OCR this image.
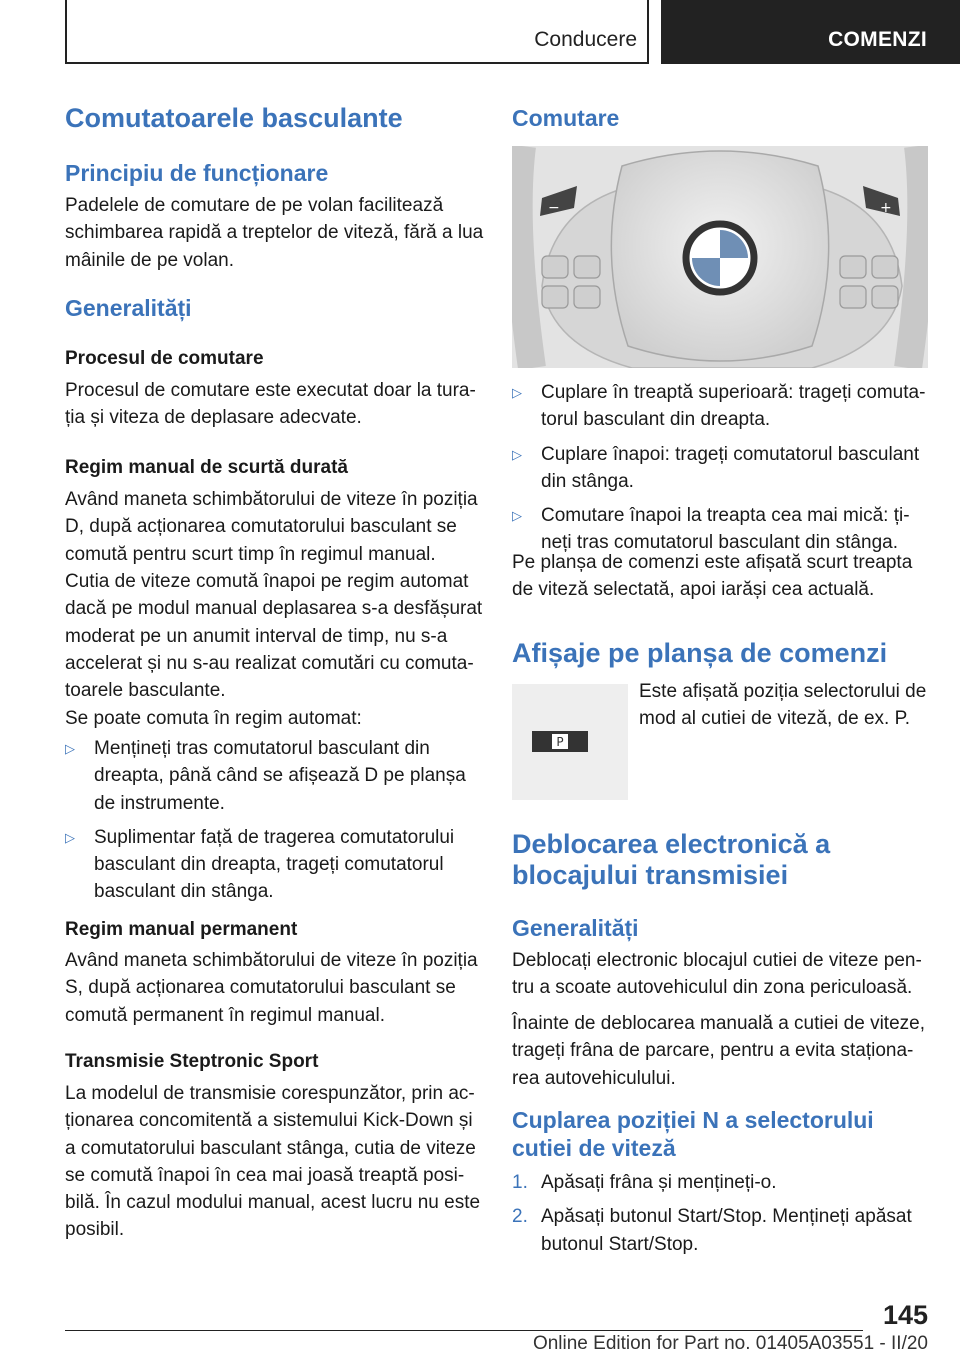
Conducere	COMENZI
Comutatoarele basculante
Principiu de funcționare
Padelele de comutare de pe volan facilitează schimbarea rapidă a treptelor de viteză, fără a lua mâinile de pe volan.
Generalități
Procesul de comutare
Procesul de comutare este executat doar la tura-ția și viteza de deplasare adecvate.
Regim manual de scurtă durată
Având maneta schimbătorului de viteze în poziția D, după acționarea comutatorului basculant se comută pentru scurt timp în regimul manual.
Cutia de viteze comută înapoi pe regim automat dacă pe modul manual deplasarea s-a desfășurat moderat pe un anumit interval de timp, nu s-a accelerat și nu s-au realizat comutări cu comuta-toarele basculante.
Se poate comuta în regim automat:
▷ Mențineți tras comutatorul basculant din dreapta, până când se afișează D pe planșa de instrumente.
▷ Suplimentar față de tragerea comutatorului basculant din dreapta, trageți comutatorul basculant din stânga.
Regim manual permanent
Având maneta schimbătorului de viteze în poziția S, după acționarea comutatorului basculant se comută permanent în regimul manual.
Transmisie Steptronic Sport
La modelul de transmisie corespunzător, prin ac-ționarea concomitentă a sistemului Kick-Down și a comutatorului basculant stânga, cutia de viteze se comută înapoi în cea mai joasă treaptă posi-bilă. În cazul modului manual, acest lucru nu este posibil.
Comutare
−	+
▷ Cuplare în treaptă superioară: trageți comuta-torul basculant din dreapta.
▷ Cuplare înapoi: trageți comutatorul basculant din stânga.
▷ Comutare înapoi la treapta cea mai mică: ți-neți tras comutatorul basculant din stânga.
Pe planșa de comenzi este afișată scurt treapta de viteză selectată, apoi iarăși cea actuală.
Afișaje pe planșa de comenzi
P
Este afișată poziția selectorului de mod al cutiei de viteză, de ex. P.
Deblocarea electronică a blocajului transmisiei
Generalități
Deblocați electronic blocajul cutiei de viteze pen-tru a scoate autovehiculul din zona periculoasă.
Înainte de deblocarea manuală a cutiei de viteze, trageți frâna de parcare, pentru a evita staționa-rea autovehiculului.
Cuplarea poziției N a selectorului cutiei de viteză
1. Apăsați frâna și mențineți-o.
2. Apăsați butonul Start/Stop. Mențineți apăsat butonul Start/Stop.
145
Online Edition for Part no. 01405A03551 - II/20
